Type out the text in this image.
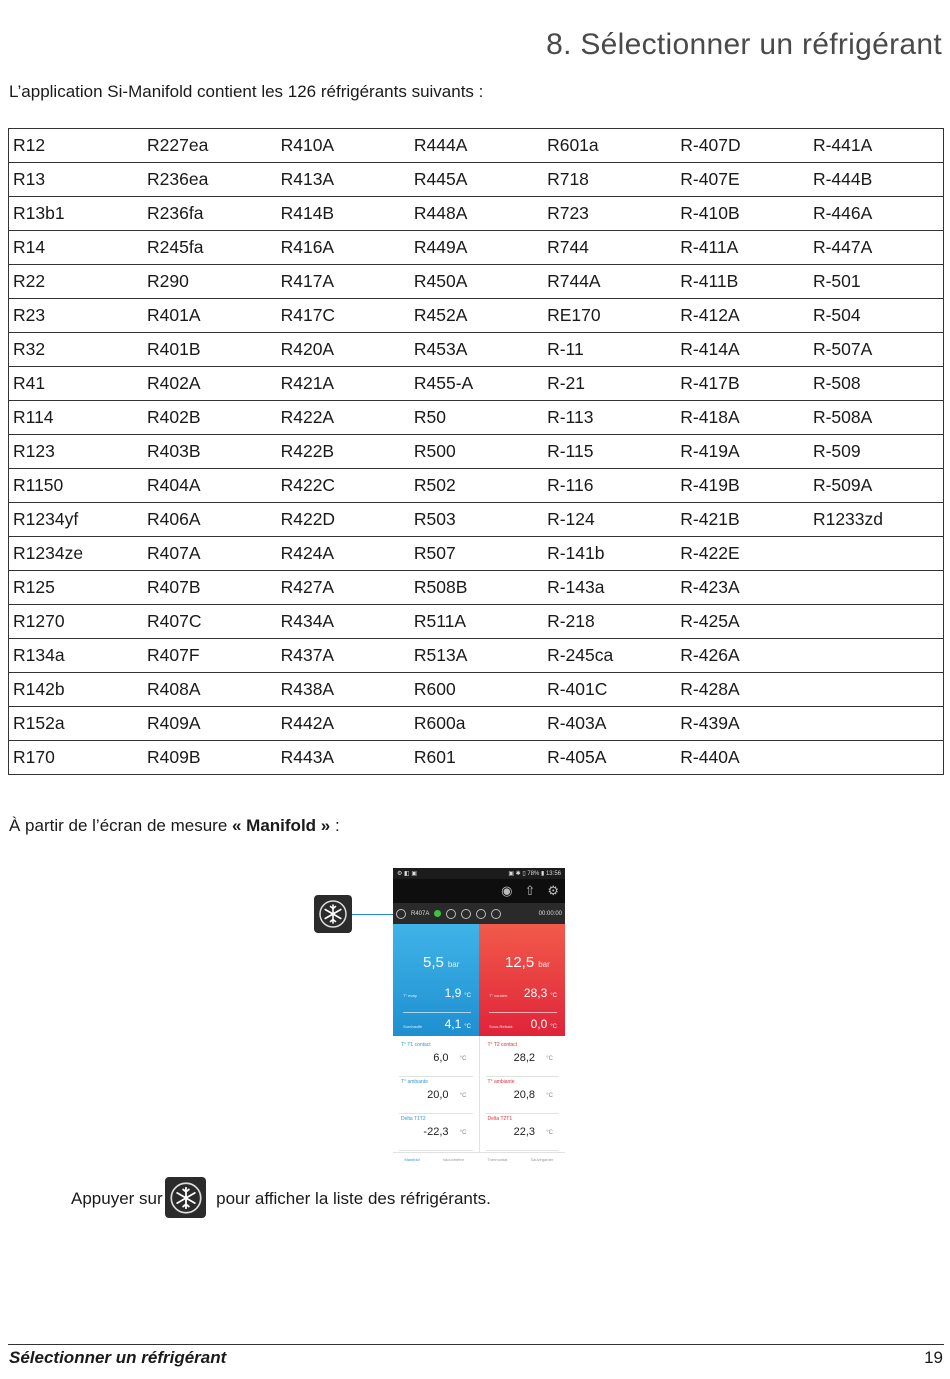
8. Sélectionner un réfrigérant
L’application Si-Manifold contient les 126 réfrigérants suivants :
R12	R227ea	R410A	R444A	R601a	R-407D	R-441A
R13	R236ea	R413A	R445A	R718	R-407E	R-444B
R13b1	R236fa	R414B	R448A	R723	R-410B	R-446A
R14	R245fa	R416A	R449A	R744	R-411A	R-447A
R22	R290	R417A	R450A	R744A	R-411B	R-501
R23	R401A	R417C	R452A	RE170	R-412A	R-504
R32	R401B	R420A	R453A	R-11	R-414A	R-507A
R41	R402A	R421A	R455-A	R-21	R-417B	R-508
R114	R402B	R422A	R50	R-113	R-418A	R-508A
R123	R403B	R422B	R500	R-115	R-419A	R-509
R1150	R404A	R422C	R502	R-116	R-419B	R-509A
R1234yf	R406A	R422D	R503	R-124	R-421B	R1233zd
R1234ze	R407A	R424A	R507	R-141b	R-422E	
R125	R407B	R427A	R508B	R-143a	R-423A	
R1270	R407C	R434A	R511A	R-218	R-425A	
R134a	R407F	R437A	R513A	R-245ca	R-426A	
R142b	R408A	R438A	R600	R-401C	R-428A	
R152a	R409A	R442A	R600a	R-403A	R-439A	
R170	R409B	R443A	R601	R-405A	R-440A	
À partir de l’écran de mesure « Manifold » :
⚙ ◧ ▣	▣ ✱ ▯ 78% ▮ 13:56
◉ ⇧ ⚙
R407A	00:00:00
5,5 bar
T° evap 1,9 °C
Surchauffe 4,1 °C
12,5 bar
T° conden. 28,3 °C
Sous-Refroid. 0,0 °C
T° T1 contact
6,0 °C
T° ambiante
20,0 °C
Delta T1T2
-22,3 °C
T° T2 contact
28,2 °C
T° ambiante
20,8 °C
Delta T2T1
22,3 °C
Manifold	Vacuomètre	Thermostat	Sauvegarder
Appuyer sur	pour afficher la liste des réfrigérants.
Sélectionner un réfrigérant	19
